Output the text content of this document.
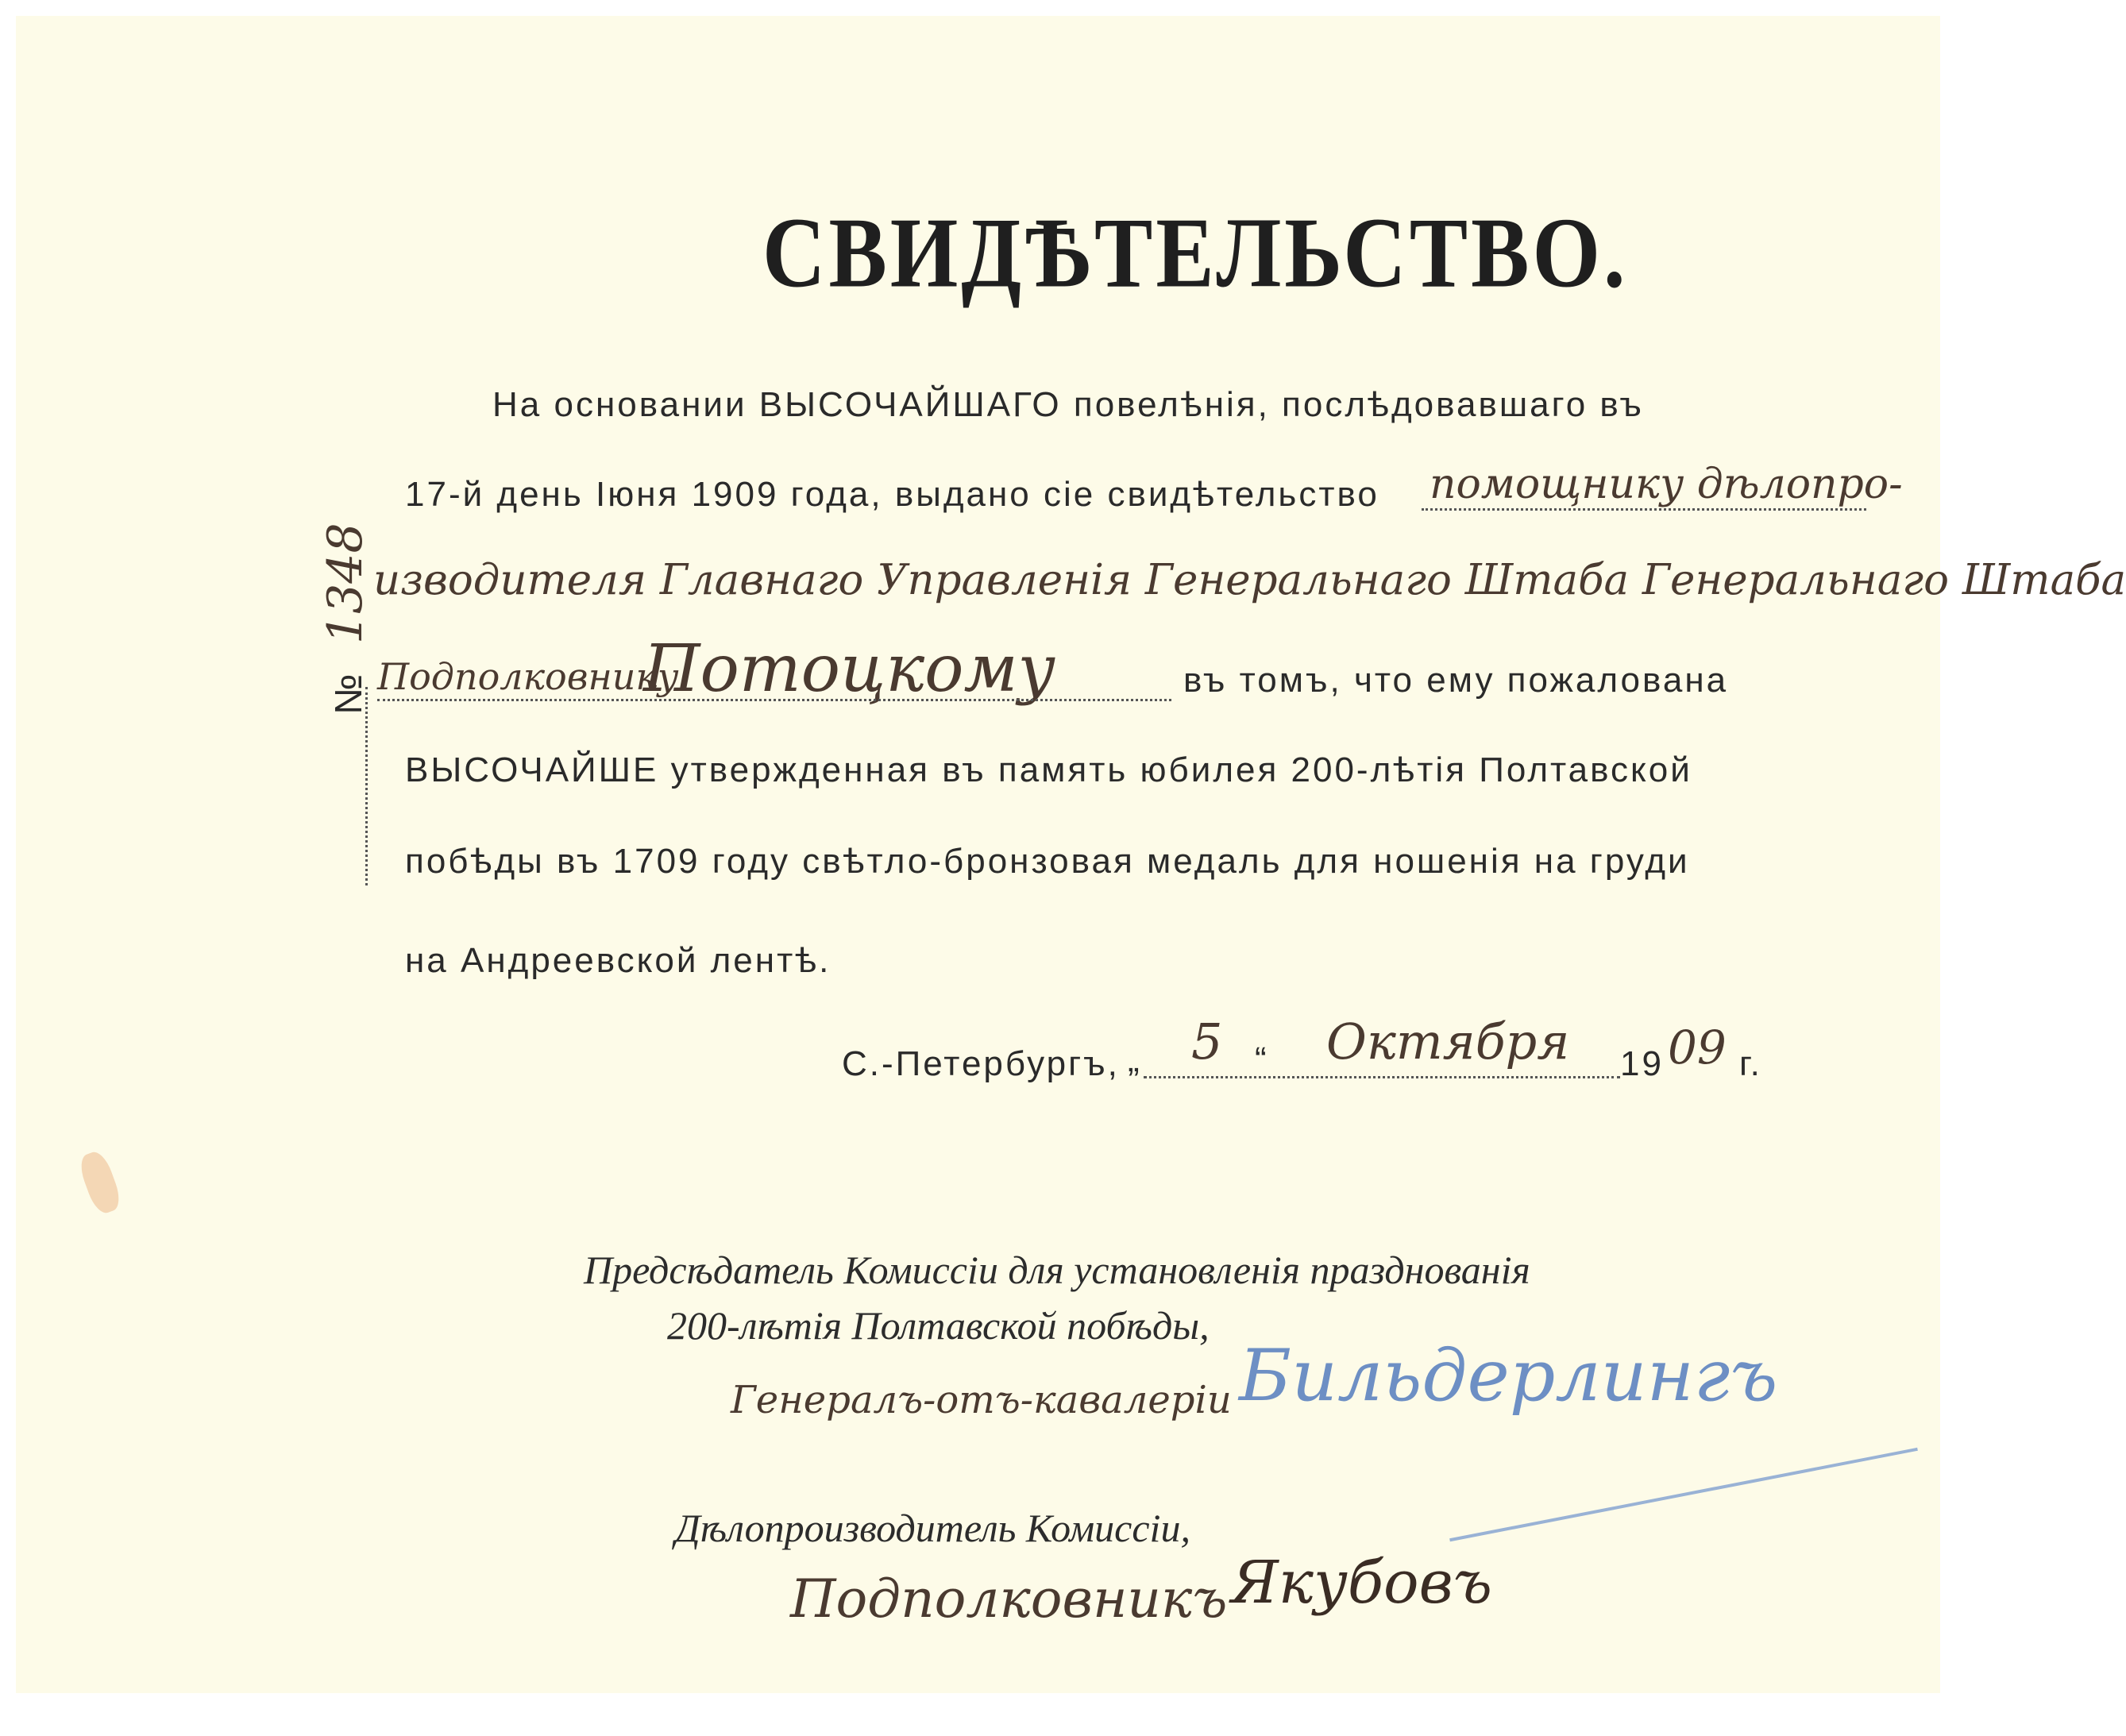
СВИДѢТЕЛЬСТВО.
На основании ВЫСОЧАЙШАГО повелѣнія, послѣдовавшаго въ
17-й день Іюня 1909 года, выдано сіе свидѣтельство помощнику дѣлопро-
изводителя Главнаго Управленія Генеральнаго Штаба Генеральнаго Штаба
Подполковнику
Потоцкому	въ томъ, что ему пожалована
№ 1348
ВЫСОЧАЙШЕ утвержденная въ память юбилея 200-лѣтія Полтавской
побѣды въ 1709 году свѣтло-бронзовая медаль для ношенія на груди
на Андреевской лентѣ.
С.-Петербургъ, „ 5 “ Октября 19 09 г.
Предсѣдатель Комиссіи для установленія празднованія
200-лѣтія Полтавской побѣды,
Генералъ-отъ-кавалеріи Бильдерлингъ
Дѣлопроизводитель Комиссіи,
Подполковникъ Якубовъ
